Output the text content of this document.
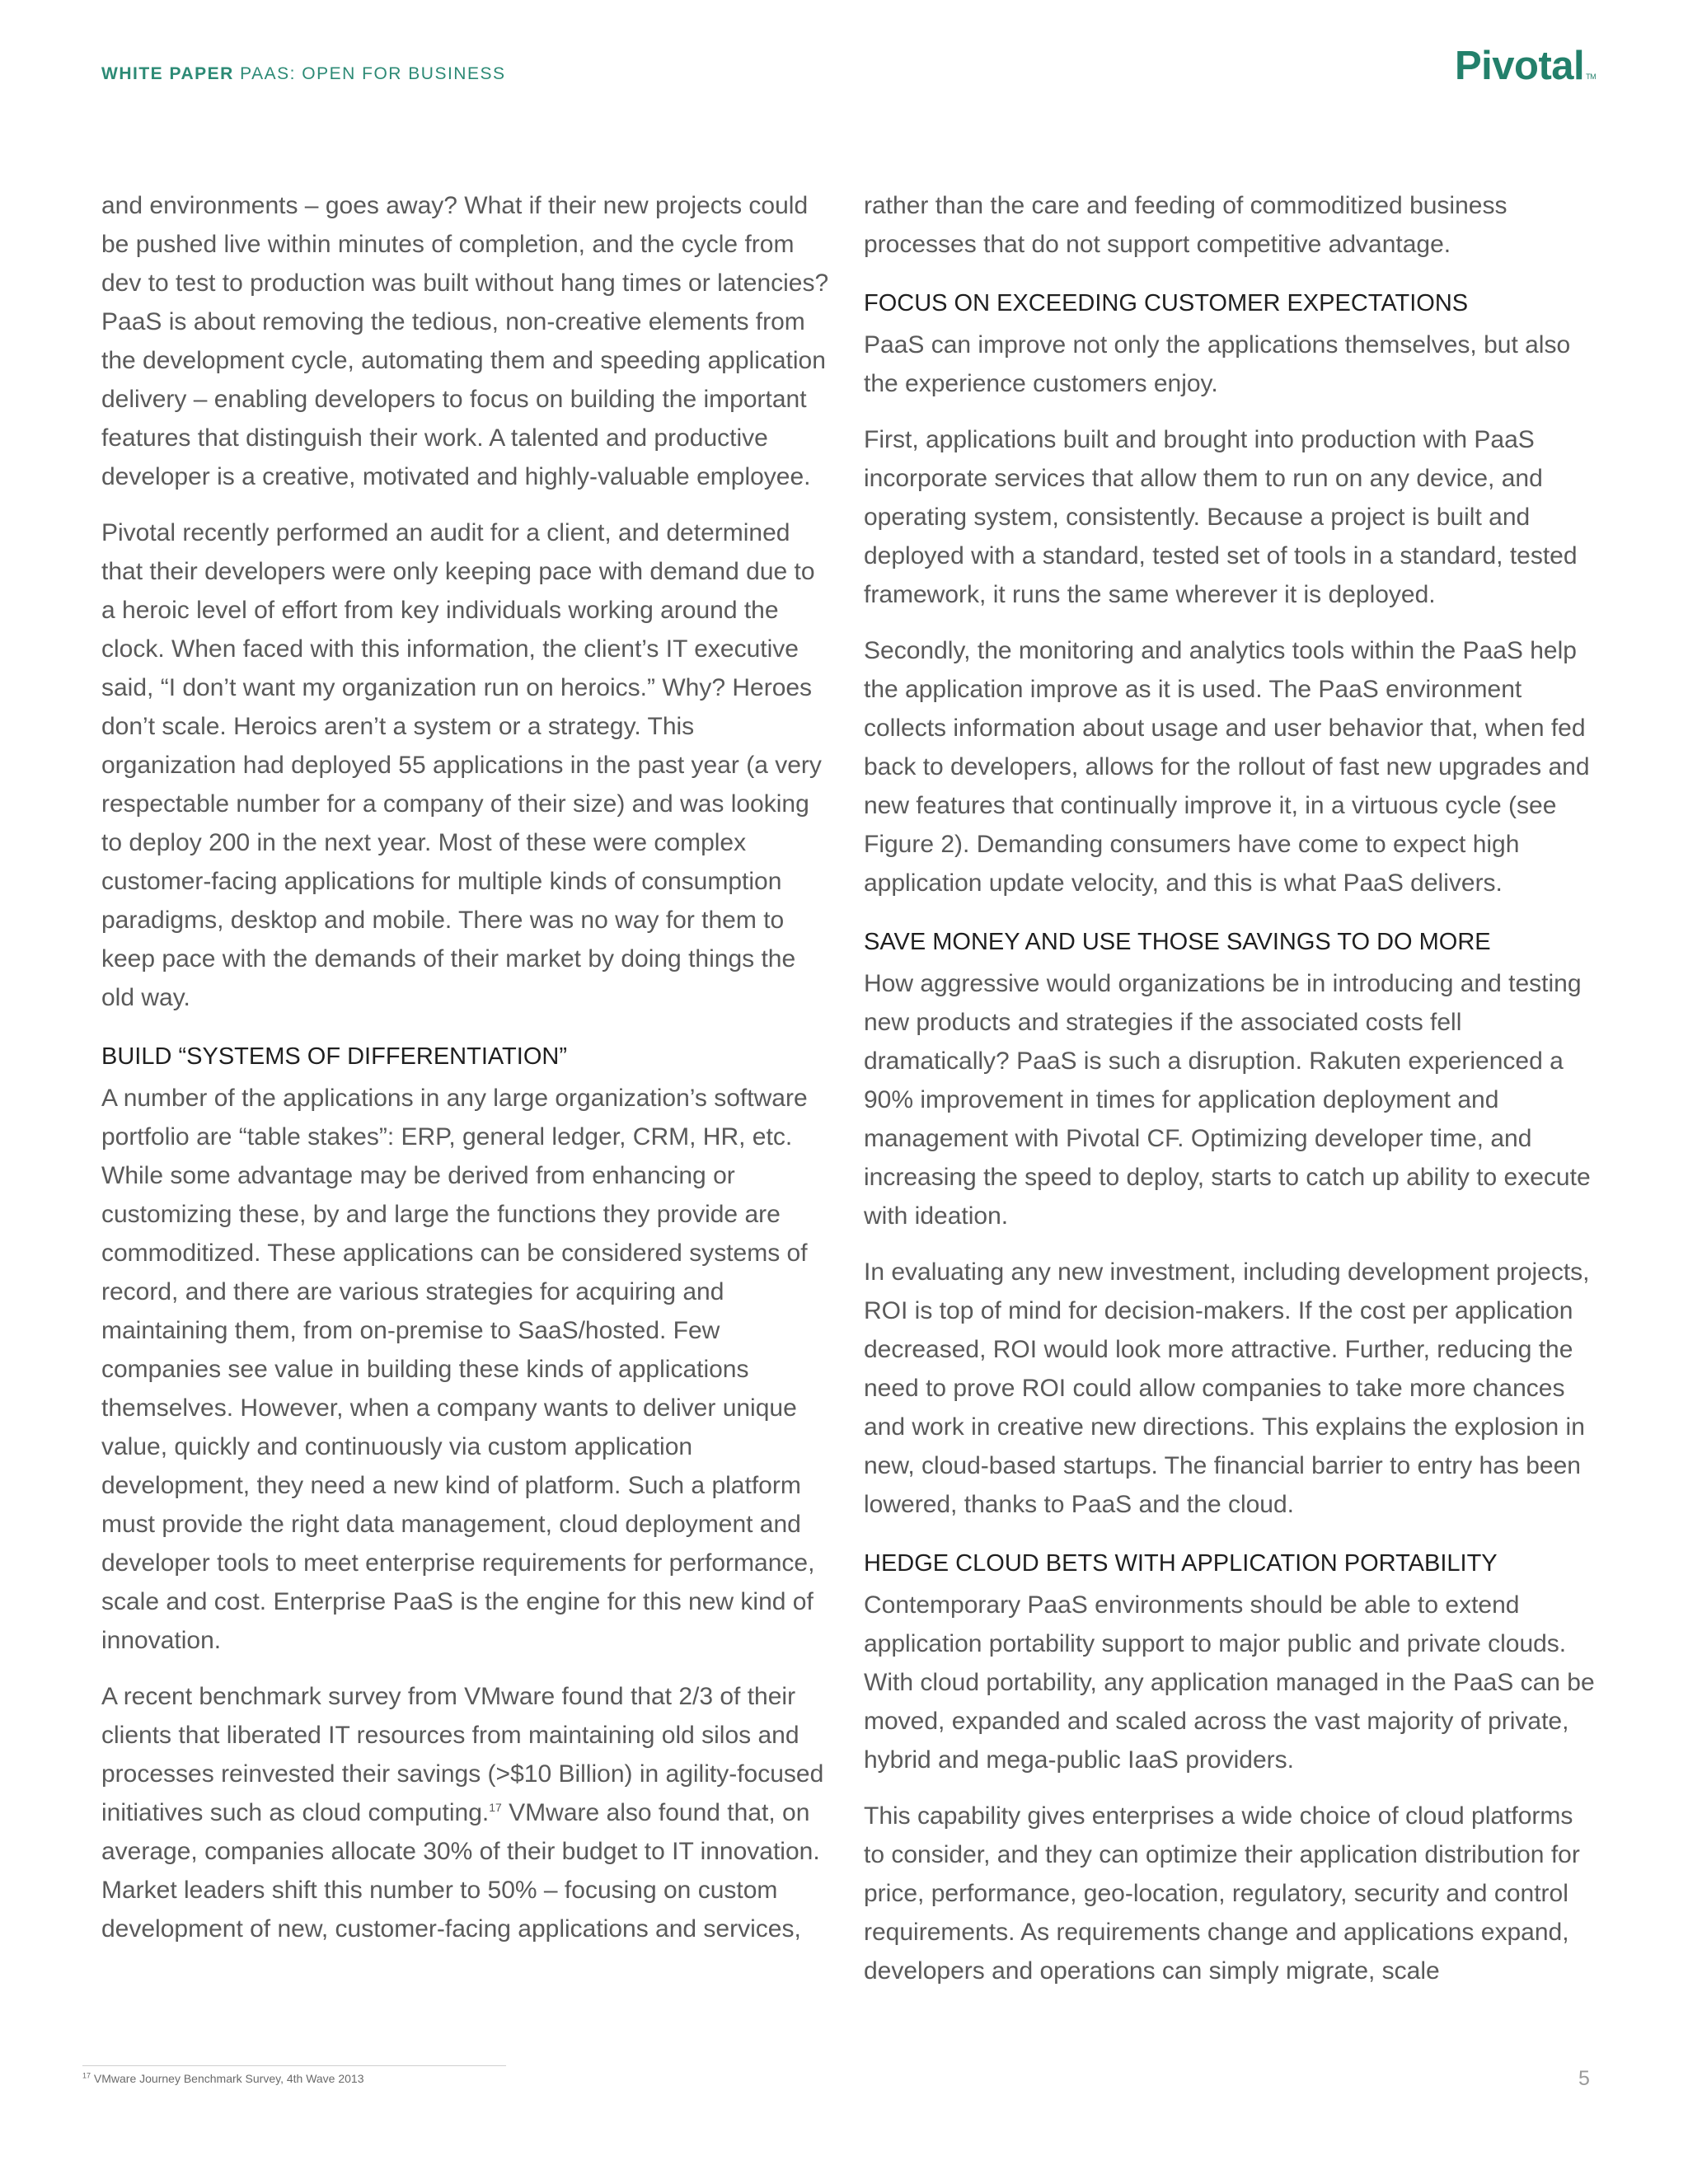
WHITE PAPER PAAS: OPEN FOR BUSINESS	Pivotal TM

and environments – goes away? What if their new projects could be pushed live within minutes of completion, and the cycle from dev to test to production was built without hang times or latencies? PaaS is about removing the tedious, non-creative elements from the development cycle, automating them and speeding application delivery – enabling developers to focus on building the important features that distinguish their work. A talented and productive developer is a creative, motivated and highly-valuable employee.

Pivotal recently performed an audit for a client, and determined that their developers were only keeping pace with demand due to a heroic level of effort from key individuals working around the clock. When faced with this information, the client’s IT executive said, “I don’t want my organization run on heroics.” Why? Heroes don’t scale. Heroics aren’t a system or a strategy. This organization had deployed 55 applications in the past year (a very respectable number for a company of their size) and was looking to deploy 200 in the next year. Most of these were complex customer-facing applications for multiple kinds of consumption paradigms, desktop and mobile. There was no way for them to keep pace with the demands of their market by doing things the old way.

BUILD “SYSTEMS OF DIFFERENTIATION”

A number of the applications in any large organization’s software portfolio are “table stakes”: ERP, general ledger, CRM, HR, etc. While some advantage may be derived from enhancing or customizing these, by and large the functions they provide are commoditized. These applications can be considered systems of record, and there are various strategies for acquiring and maintaining them, from on-premise to SaaS/hosted. Few companies see value in building these kinds of applications themselves. However, when a company wants to deliver unique value, quickly and continuously via custom application development, they need a new kind of platform. Such a platform must provide the right data management, cloud deployment and developer tools to meet enterprise requirements for performance, scale and cost. Enterprise PaaS is the engine for this new kind of innovation.

A recent benchmark survey from VMware found that 2/3 of their clients that liberated IT resources from maintaining old silos and processes reinvested their savings (>$10 Billion) in agility-focused initiatives such as cloud computing.$^{17}$ VMware also found that, on average, companies allocate 30% of their budget to IT innovation. Market leaders shift this number to 50% – focusing on custom development of new, customer-facing applications and services,

rather than the care and feeding of commoditized business processes that do not support competitive advantage.

FOCUS ON EXCEEDING CUSTOMER EXPECTATIONS

PaaS can improve not only the applications themselves, but also the experience customers enjoy.

First, applications built and brought into production with PaaS incorporate services that allow them to run on any device, and operating system, consistently. Because a project is built and deployed with a standard, tested set of tools in a standard, tested framework, it runs the same wherever it is deployed.

Secondly, the monitoring and analytics tools within the PaaS help the application improve as it is used. The PaaS environment collects information about usage and user behavior that, when fed back to developers, allows for the rollout of fast new upgrades and new features that continually improve it, in a virtuous cycle (see Figure 2). Demanding consumers have come to expect high application update velocity, and this is what PaaS delivers.

SAVE MONEY AND USE THOSE SAVINGS TO DO MORE

How aggressive would organizations be in introducing and testing new products and strategies if the associated costs fell dramatically? PaaS is such a disruption. Rakuten experienced a 90% improvement in times for application deployment and management with Pivotal CF. Optimizing developer time, and increasing the speed to deploy, starts to catch up ability to execute with ideation.

In evaluating any new investment, including development projects, ROI is top of mind for decision-makers. If the cost per application decreased, ROI would look more attractive. Further, reducing the need to prove ROI could allow companies to take more chances and work in creative new directions. This explains the explosion in new, cloud-based startups. The financial barrier to entry has been lowered, thanks to PaaS and the cloud.

HEDGE CLOUD BETS WITH APPLICATION PORTABILITY

Contemporary PaaS environments should be able to extend application portability support to major public and private clouds. With cloud portability, any application managed in the PaaS can be moved, expanded and scaled across the vast majority of private, hybrid and mega-public IaaS providers.

This capability gives enterprises a wide choice of cloud platforms to consider, and they can optimize their application distribution for price, performance, geo-location, regulatory, security and control requirements. As requirements change and applications expand, developers and operations can simply migrate, scale

$^{17}$ VMware Journey Benchmark Survey, 4th Wave 2013	5
